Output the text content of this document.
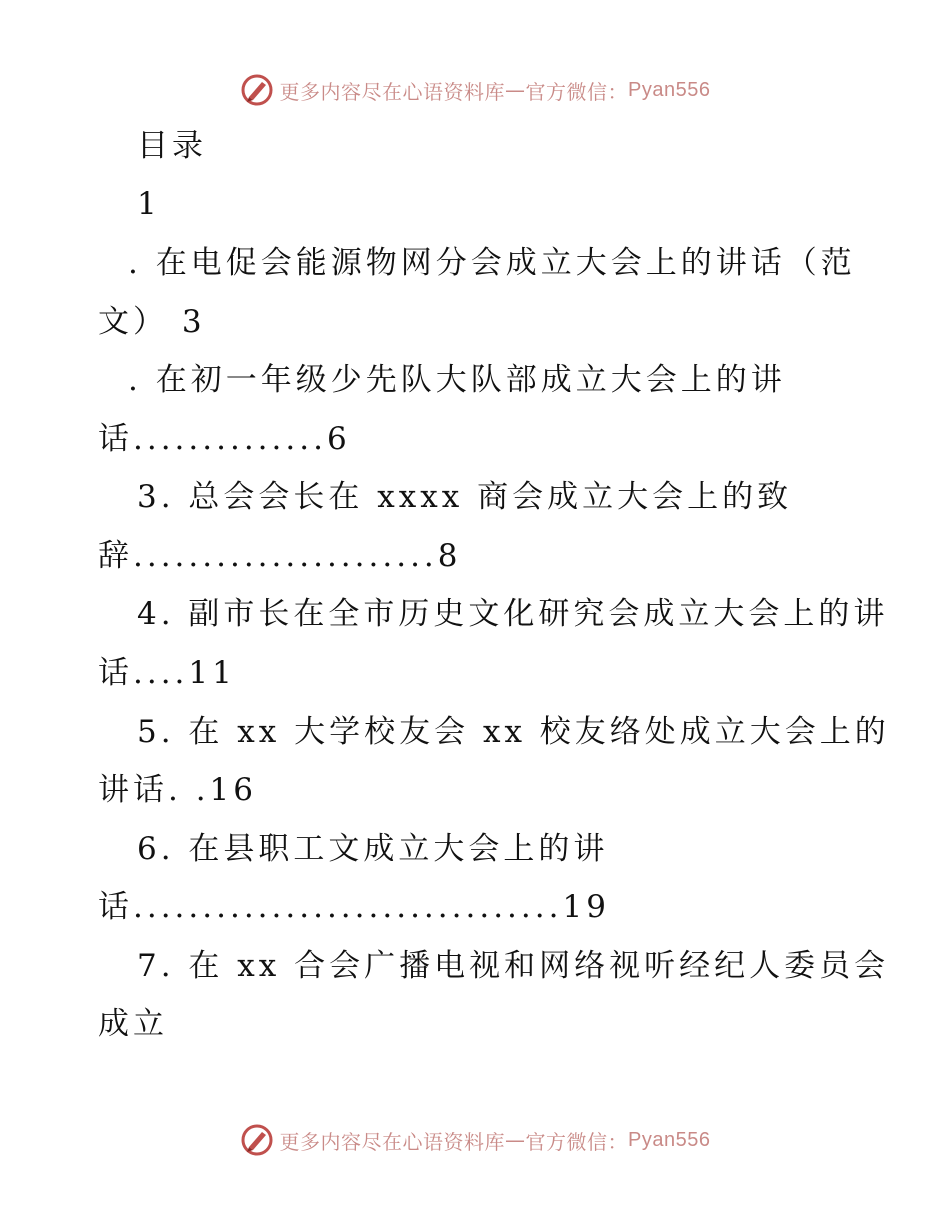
更多内容尽在心语资料库 — 官方微信： Pyan556
目录
1
. 在电促会能源物网分会成立大会上的讲话（范
文） 3
. 在初一年级少先队大队部成立大会上的讲
话..............6
3. 总会会长在 xxxx 商会成立大会上的致
辞......................8
4. 副市长在全市历史文化研究会成立大会上的讲
话....11
5. 在 xx 大学校友会 xx 校友络处成立大会上的
讲话. .16
6. 在县职工文成立大会上的讲
话...............................19
7. 在 xx 合会广播电视和网络视听经纪人委员会
成立
更多内容尽在心语资料库 — 官方微信： Pyan556
